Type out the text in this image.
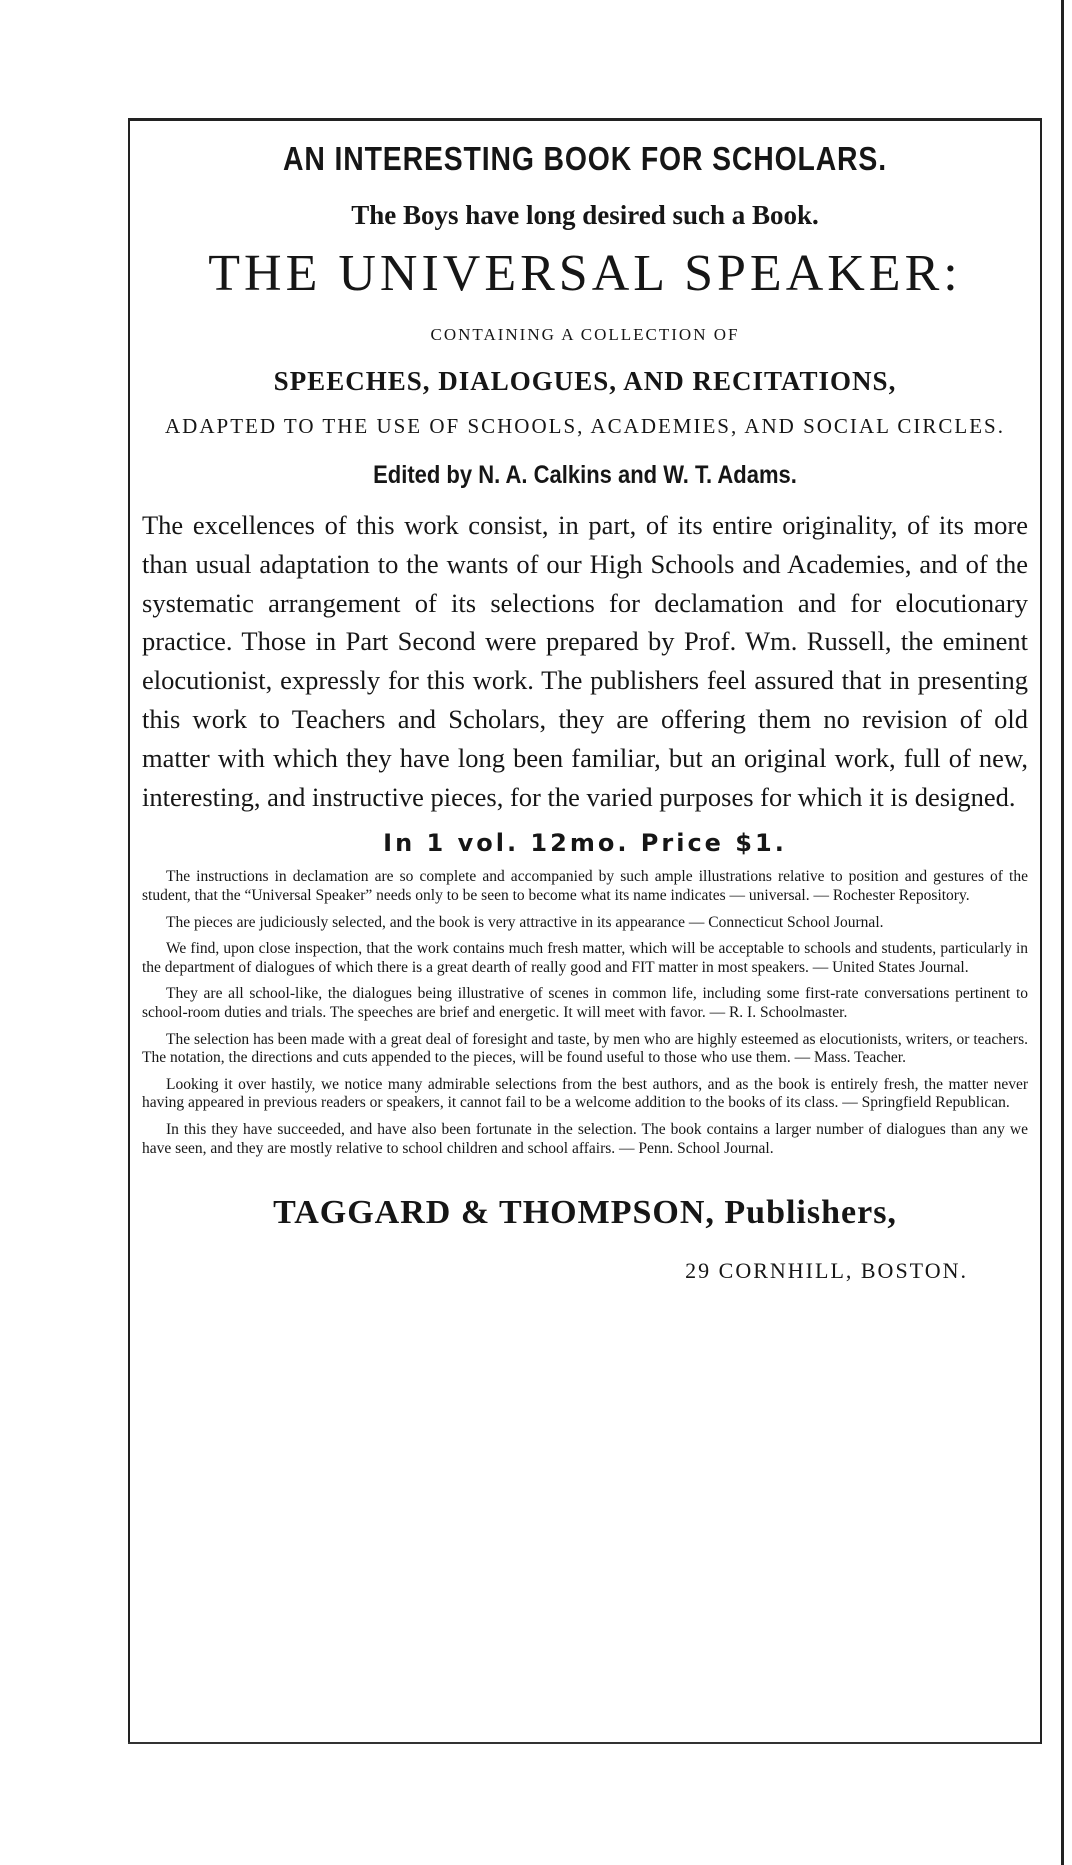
AN INTERESTING BOOK FOR SCHOLARS.
The Boys have long desired such a Book.
THE UNIVERSAL SPEAKER:
CONTAINING A COLLECTION OF
SPEECHES, DIALOGUES, AND RECITATIONS,
ADAPTED TO THE USE OF SCHOOLS, ACADEMIES, AND SOCIAL CIRCLES.
Edited by N. A. Calkins and W. T. Adams.
The excellences of this work consist, in part, of its entire originality, of its more than usual adaptation to the wants of our High Schools and Academies, and of the systematic arrangement of its selections for declamation and for elocutionary practice. Those in Part Second were prepared by Prof. Wm. Russell, the eminent elocutionist, expressly for this work. The publishers feel assured that in presenting this work to Teachers and Scholars, they are offering them no revision of old matter with which they have long been familiar, but an original work, full of new, interesting, and instructive pieces, for the varied purposes for which it is designed.
In 1 vol. 12mo. Price $1.
The instructions in declamation are so complete and accompanied by such ample illustrations relative to position and gestures of the student, that the “Universal Speaker” needs only to be seen to become what its name indicates — universal. — Rochester Repository.
The pieces are judiciously selected, and the book is very attractive in its appearance — Connecticut School Journal.
We find, upon close inspection, that the work contains much fresh matter, which will be acceptable to schools and students, particularly in the department of dialogues of which there is a great dearth of really good and FIT matter in most speakers. — United States Journal.
They are all school-like, the dialogues being illustrative of scenes in common life, including some first-rate conversations pertinent to school-room duties and trials. The speeches are brief and energetic. It will meet with favor. — R. I. Schoolmaster.
The selection has been made with a great deal of foresight and taste, by men who are highly esteemed as elocutionists, writers, or teachers. The notation, the directions and cuts appended to the pieces, will be found useful to those who use them. — Mass. Teacher.
Looking it over hastily, we notice many admirable selections from the best authors, and as the book is entirely fresh, the matter never having appeared in previous readers or speakers, it cannot fail to be a welcome addition to the books of its class. — Springfield Republican.
In this they have succeeded, and have also been fortunate in the selection. The book contains a larger number of dialogues than any we have seen, and they are mostly relative to school children and school affairs. — Penn. School Journal.
TAGGARD & THOMPSON, Publishers,
29 CORNHILL, BOSTON.
